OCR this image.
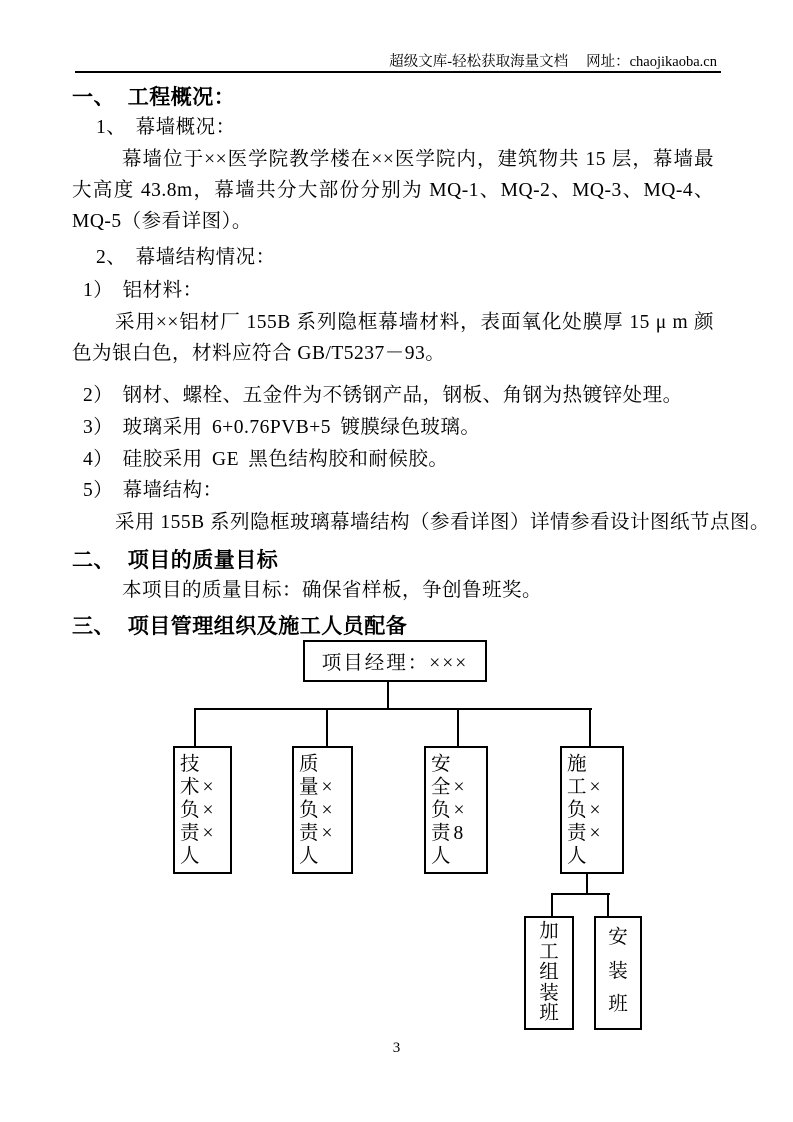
超级文库-轻松获取海量文档 网址：chaojikaoba.cn
一、 工程概况：
1、 幕墙概况：
幕墙位于××医学院教学楼在××医学院内，建筑物共 15 层，幕墙最大高度 43.8m，幕墙共分大部份分别为 MQ-1、MQ-2、MQ-3、MQ-4、MQ-5（参看详图）。
2、 幕墙结构情况：
1） 铝材料：
采用××铝材厂 155B 系列隐框幕墙材料，表面氧化处膜厚 15 μ m 颜色为银白色，材料应符合 GB/T5237－93。
2） 钢材、螺栓、五金件为不锈钢产品，钢板、角钢为热镀锌处理。
3） 玻璃采用 6+0.76PVB+5 镀膜绿色玻璃。
4） 硅胶采用 GE 黑色结构胶和耐候胶。
5） 幕墙结构：
采用 155B 系列隐框玻璃幕墙结构（参看详图）详情参看设计图纸节点图。
二、 项目的质量目标
本项目的质量目标：确保省样板，争创鲁班奖。
三、 项目管理组织及施工人员配备
项目经理：×××
技
术×
负×
责×
人
质
量×
负×
责×
人
安
全×
负×
责8
人
施
工×
负×
责×
人
加
工
组
装
班
安
装
班
3
